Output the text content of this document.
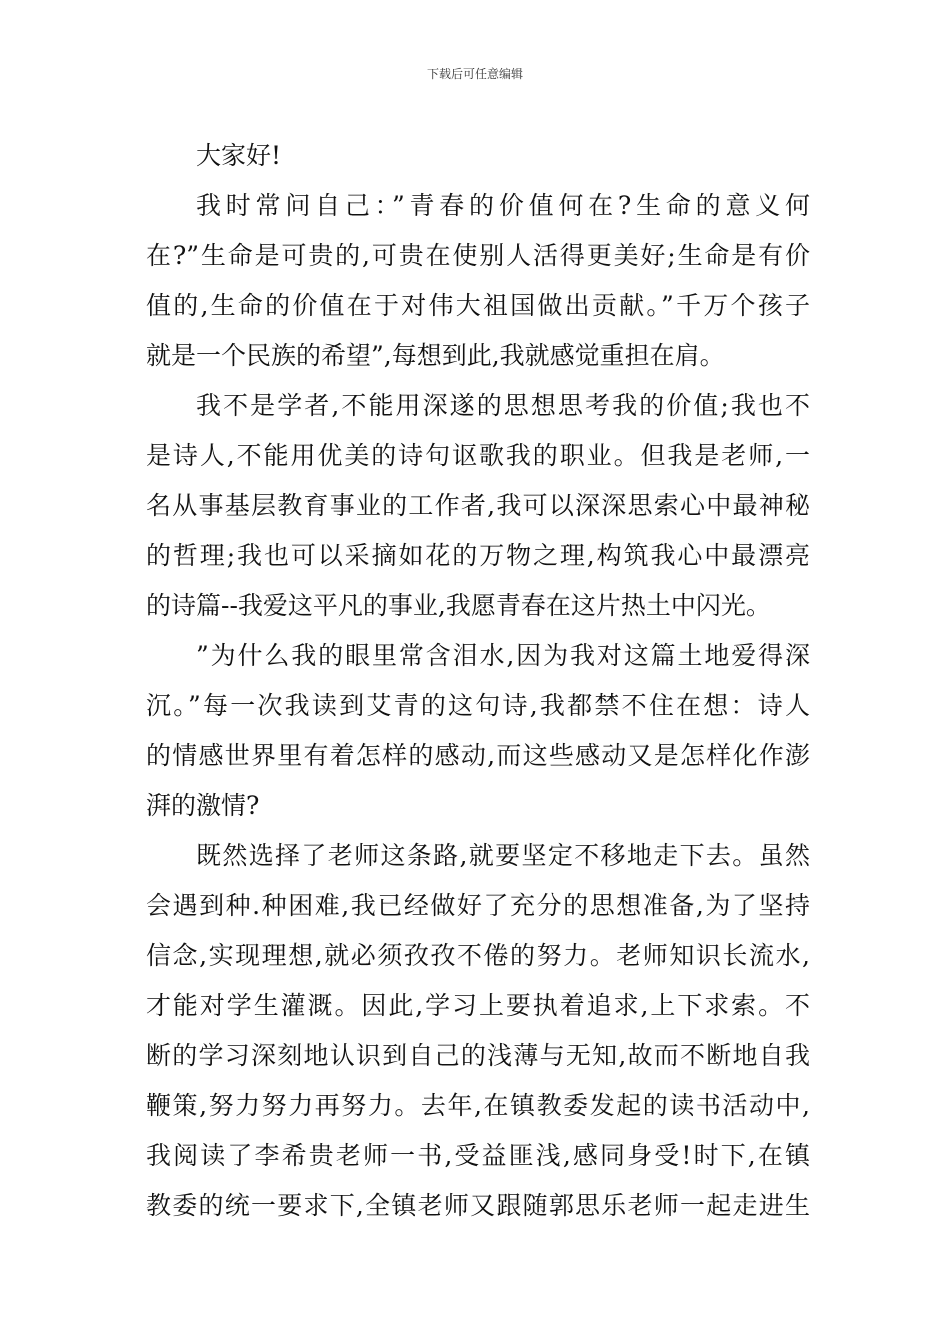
下载后可任意编辑
大家好!
我时常问自己：”青春的价值何在?生命的意义何
在?”生命是可贵的,可贵在使别人活得更美好;生命是有价
值的,生命的价值在于对伟大祖国做出贡献。”千万个孩子
就是一个民族的希望”,每想到此,我就感觉重担在肩。
我不是学者,不能用深遂的思想思考我的价值;我也不
是诗人,不能用优美的诗句讴歌我的职业。但我是老师,一
名从事基层教育事业的工作者,我可以深深思索心中最神秘
的哲理;我也可以采摘如花的万物之理,构筑我心中最漂亮
的诗篇--我爱这平凡的事业,我愿青春在这片热土中闪光。
”为什么我的眼里常含泪水,因为我对这篇土地爱得深
沉。”每一次我读到艾青的这句诗,我都禁不住在想：诗人
的情感世界里有着怎样的感动,而这些感动又是怎样化作澎
湃的激情?
既然选择了老师这条路,就要坚定不移地走下去。虽然
会遇到种.种困难,我已经做好了充分的思想准备,为了坚持
信念,实现理想,就必须孜孜不倦的努力。老师知识长流水,
才能对学生灌溉。因此,学习上要执着追求,上下求索。不
断的学习深刻地认识到自己的浅薄与无知,故而不断地自我
鞭策,努力努力再努力。去年,在镇教委发起的读书活动中,
我阅读了李希贵老师一书,受益匪浅,感同身受!时下,在镇
教委的统一要求下,全镇老师又跟随郭思乐老师一起走进生
